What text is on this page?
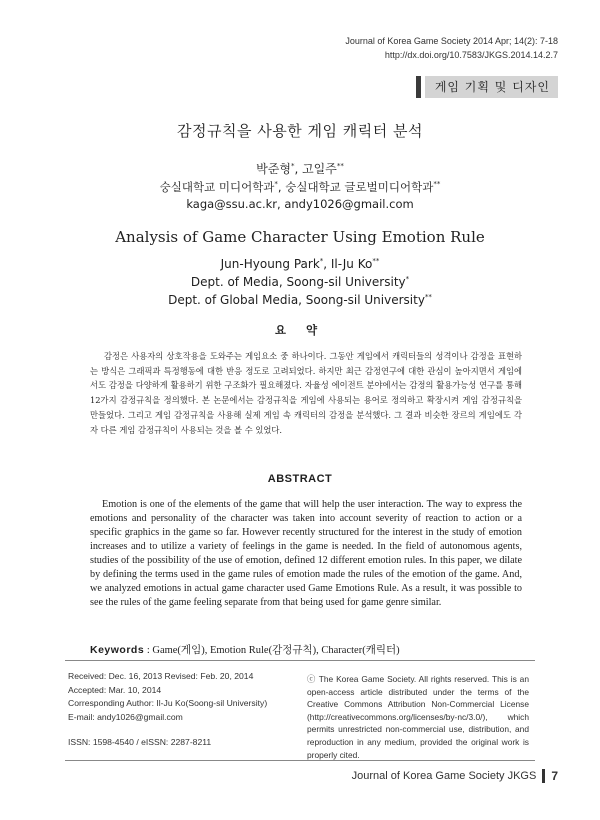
Journal of Korea Game Society 2014 Apr; 14(2): 7-18
http://dx.doi.org/10.7583/JKGS.2014.14.2.7
게임 기획 및 디자인
감정규칙을 사용한 게임 캐릭터 분석
박준형*, 고일주**
숭실대학교 미디어학과*, 숭실대학교 글로벌미디어학과**
kaga@ssu.ac.kr, andy1026@gmail.com
Analysis of Game Character Using Emotion Rule
Jun-Hyoung Park*, Il-Ju Ko**
Dept. of Media, Soong-sil University*
Dept. of Global Media, Soong-sil University**
요 약
감정은 사용자의 상호작용을 도와주는 게임요소 중 하나이다. 그동안 게임에서 캐릭터들의 성격이나 감정을 표현하는 방식은 그래픽과 특정행동에 대한 반응 정도로 고려되었다. 하지만 최근 감정연구에 대한 관심이 높아지면서 게임에서도 감정을 다양하게 활용하기 위한 구조화가 필요해졌다. 자율성 에이전트 분야에서는 감정의 활용가능성 연구를 통해 12가지 감정규칙을 정의했다. 본 논문에서는 감정규칙을 게임에 사용되는 용어로 정의하고 확장시켜 게임 감정규칙을 만들었다. 그리고 게임 감정규칙을 사용해 실제 게임 속 캐릭터의 감정을 분석했다. 그 결과 비슷한 장르의 게임에도 각자 다른 게임 감정규칙이 사용되는 것을 볼 수 있었다.
ABSTRACT
Emotion is one of the elements of the game that will help the user interaction. The way to express the emotions and personality of the character was taken into account severity of reaction to action or a specific graphics in the game so far. However recently structured for the interest in the study of emotion increases and to utilize a variety of feelings in the game is needed. In the field of autonomous agents, studies of the possibility of the use of emotion, defined 12 different emotion rules. In this paper, we dilate by defining the terms used in the game rules of emotion made the rules of the emotion of the game. And, we analyzed emotions in actual game character used Game Emotions Rule. As a result, it was possible to see the rules of the game feeling separate from that being used for game genre similar.
Keywords : Game(게임), Emotion Rule(감정규칙), Character(캐릭터)
Received: Dec. 16, 2013 Revised: Feb. 20, 2014
Accepted: Mar. 10, 2014
Corresponding Author: Il-Ju Ko(Soong-sil University)
E-mail: andy1026@gmail.com
ISSN: 1598-4540 / eISSN: 2287-8211
ⓒ The Korea Game Society. All rights reserved. This is an open-access article distributed under the terms of the Creative Commons Attribution Non-Commercial License (http://creativecommons.org/licenses/by-nc/3.0/), which permits unrestricted non-commercial use, distribution, and reproduction in any medium, provided the original work is properly cited.
Journal of Korea Game Society JKGS 7
